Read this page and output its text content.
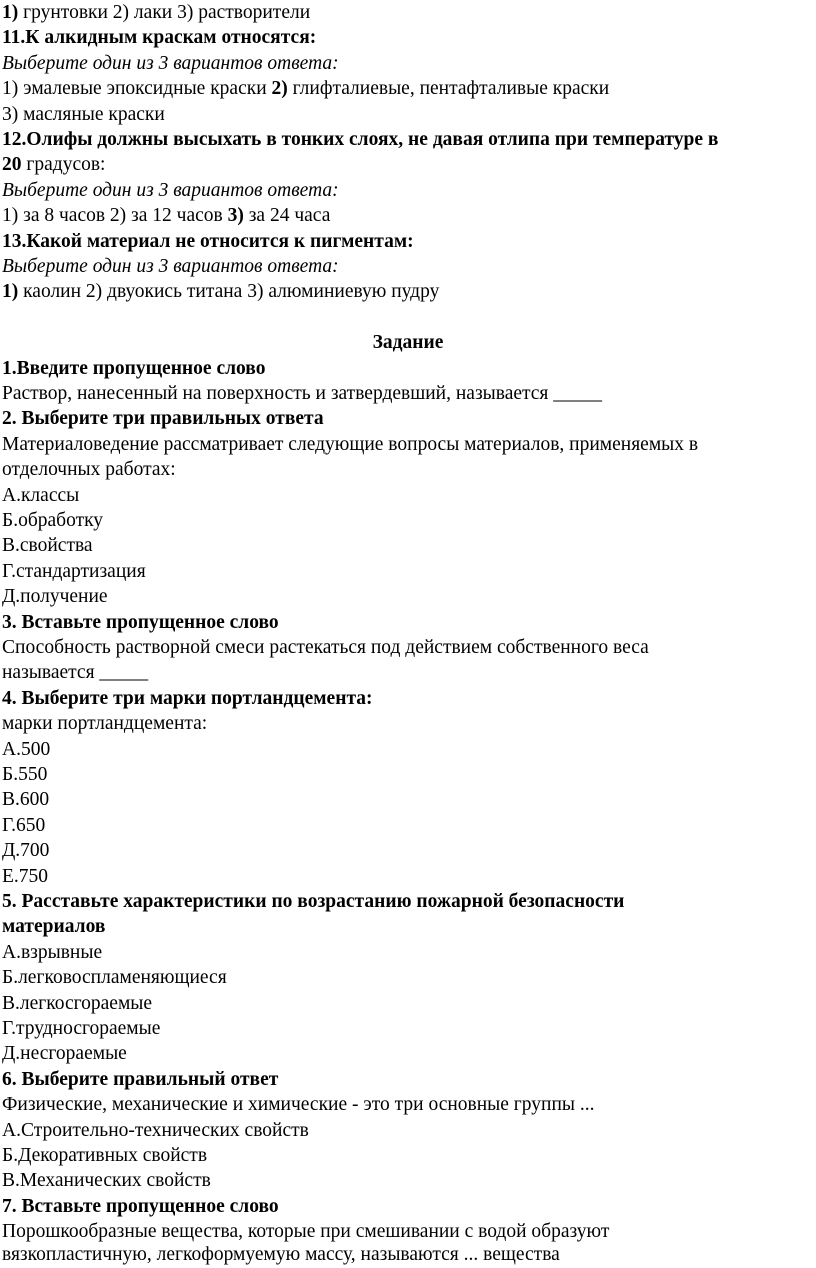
1) грунтовки 2) лаки 3) растворители
11.К алкидным краскам относятся:
Выберите один из 3 вариантов ответа:
1) эмалевые эпоксидные краски 2) глифталиевые, пентафталивые краски
3) масляные краски
12.Олифы должны высыхать в тонких слоях, не давая отлипа при температуре в
20 градусов:
Выберите один из 3 вариантов ответа:
1) за 8 часов 2) за 12 часов 3) за 24 часа
13.Какой материал не относится к пигментам:
Выберите один из 3 вариантов ответа:
1) каолин 2) двуокись титана 3) алюминиевую пудру
Задание
1.Введите пропущенное слово
Раствор, нанесенный на поверхность и затвердевший, называется _____
2. Выберите три правильных ответа
Материаловедение рассматривает следующие вопросы материалов, применяемых в
отделочных работах:
А.классы
Б.обработку
В.свойства
Г.стандартизация
Д.получение
3. Вставьте пропущенное слово
Способность растворной смеси растекаться под действием собственного веса
называется _____
4. Выберите три марки портландцемента:
марки портландцемента:
А.500
Б.550
В.600
Г.650
Д.700
Е.750
5. Расставьте характеристики по возрастанию пожарной безопасности
материалов
А.взрывные
Б.легковоспламеняющиеся
В.легкосгораемые
Г.трудносгораемые
Д.несгораемые
6. Выберите правильный ответ
Физические, механические и химические - это три основные группы ...
А.Строительно-технических свойств
Б.Декоративных свойств
В.Механических свойств
7. Вставьте пропущенное слово
Порошкообразные вещества, которые при смешивании с водой образуют
вязкопластичную, легкоформуемую массу, называются ... вещества
